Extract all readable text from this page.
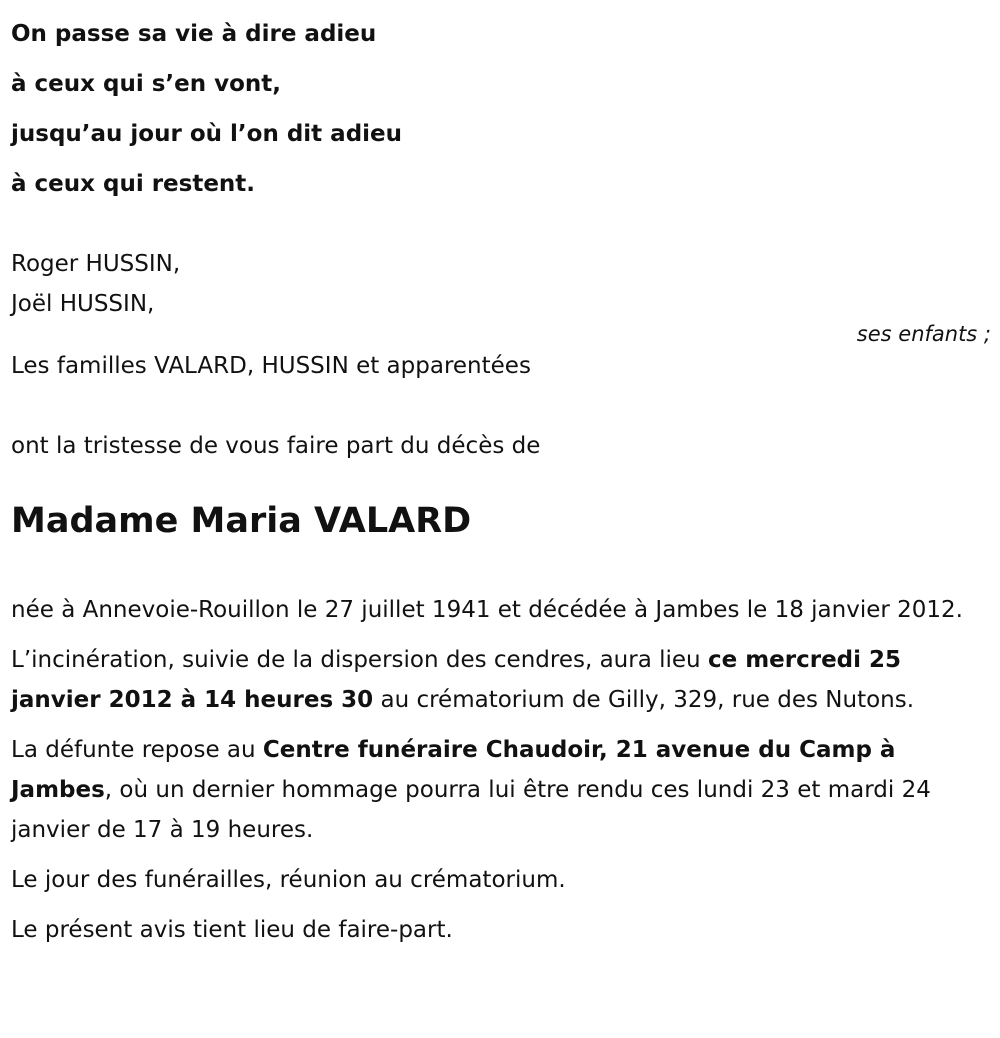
On passe sa vie à dire adieu
à ceux qui s’en vont,
jusqu’au jour où l’on dit adieu
à ceux qui restent.
Roger HUSSIN,
Joël HUSSIN,
ses enfants ;
Les familles VALARD, HUSSIN et apparentées
ont la tristesse de vous faire part du décès de
Madame Maria VALARD

née à Annevoie-Rouillon le 27 juillet 1941 et décédée à Jambes le 18 janvier 2012.

L’incinération, suivie de la dispersion des cendres, aura lieu ce mercredi 25 janvier 2012 à 14 heures 30 au crématorium de Gilly, 329, rue des Nutons.

La défunte repose au Centre funéraire Chaudoir, 21 avenue du Camp à Jambes, où un dernier hommage pourra lui être rendu ces lundi 23 et mardi 24 janvier de 17 à 19 heures.

Le jour des funérailles, réunion au crématorium.

Le présent avis tient lieu de faire-part.
